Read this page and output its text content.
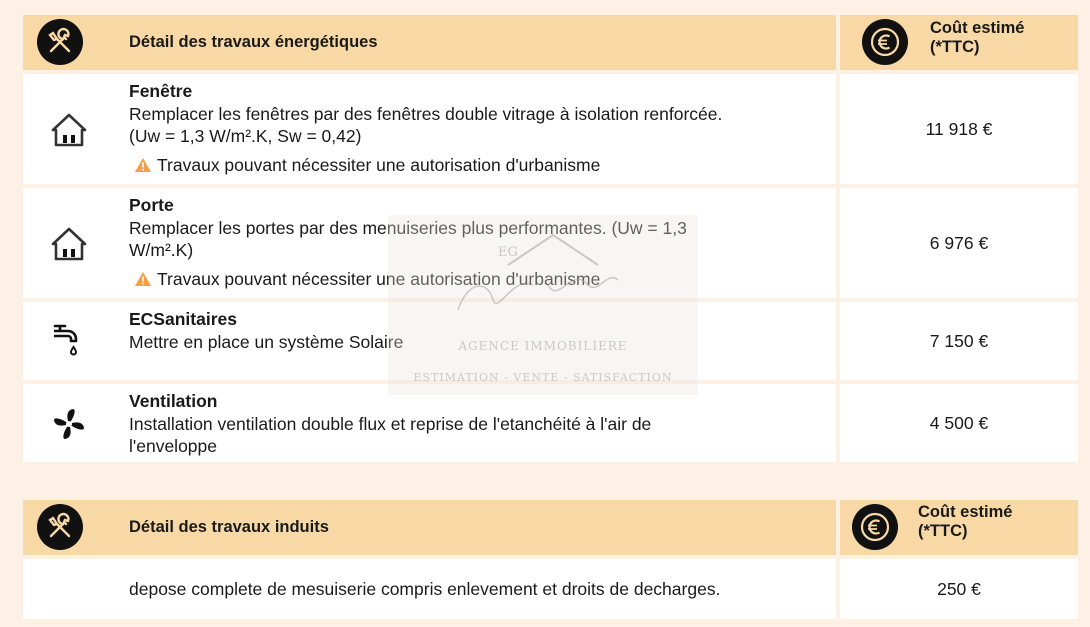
Détail des travaux énergétiques
Coût estimé
(*TTC)
Fenêtre
Remplacer les fenêtres par des fenêtres double vitrage à isolation renforcée.
(Uw = 1,3 W/m².K, Sw = 0,42)
Travaux pouvant nécessiter une autorisation d'urbanisme
11 918 €
Porte
Remplacer les portes par des menuiseries plus performantes. (Uw = 1,3
W/m².K)
Travaux pouvant nécessiter une autorisation d'urbanisme
6 976 €
ECSanitaires
Mettre en place un système Solaire	7 150 €
Ventilation
Installation ventilation double flux et reprise de l'etanchéité à l'air de
l'enveloppe
4 500 €
Détail des travaux induits
Coût estimé
(*TTC)
depose complete de mesuiserie compris enlevement et droits de decharges.	250 €
EG
AGENCE IMMOBILIERE
ESTIMATION - VENTE - SATISFACTION
